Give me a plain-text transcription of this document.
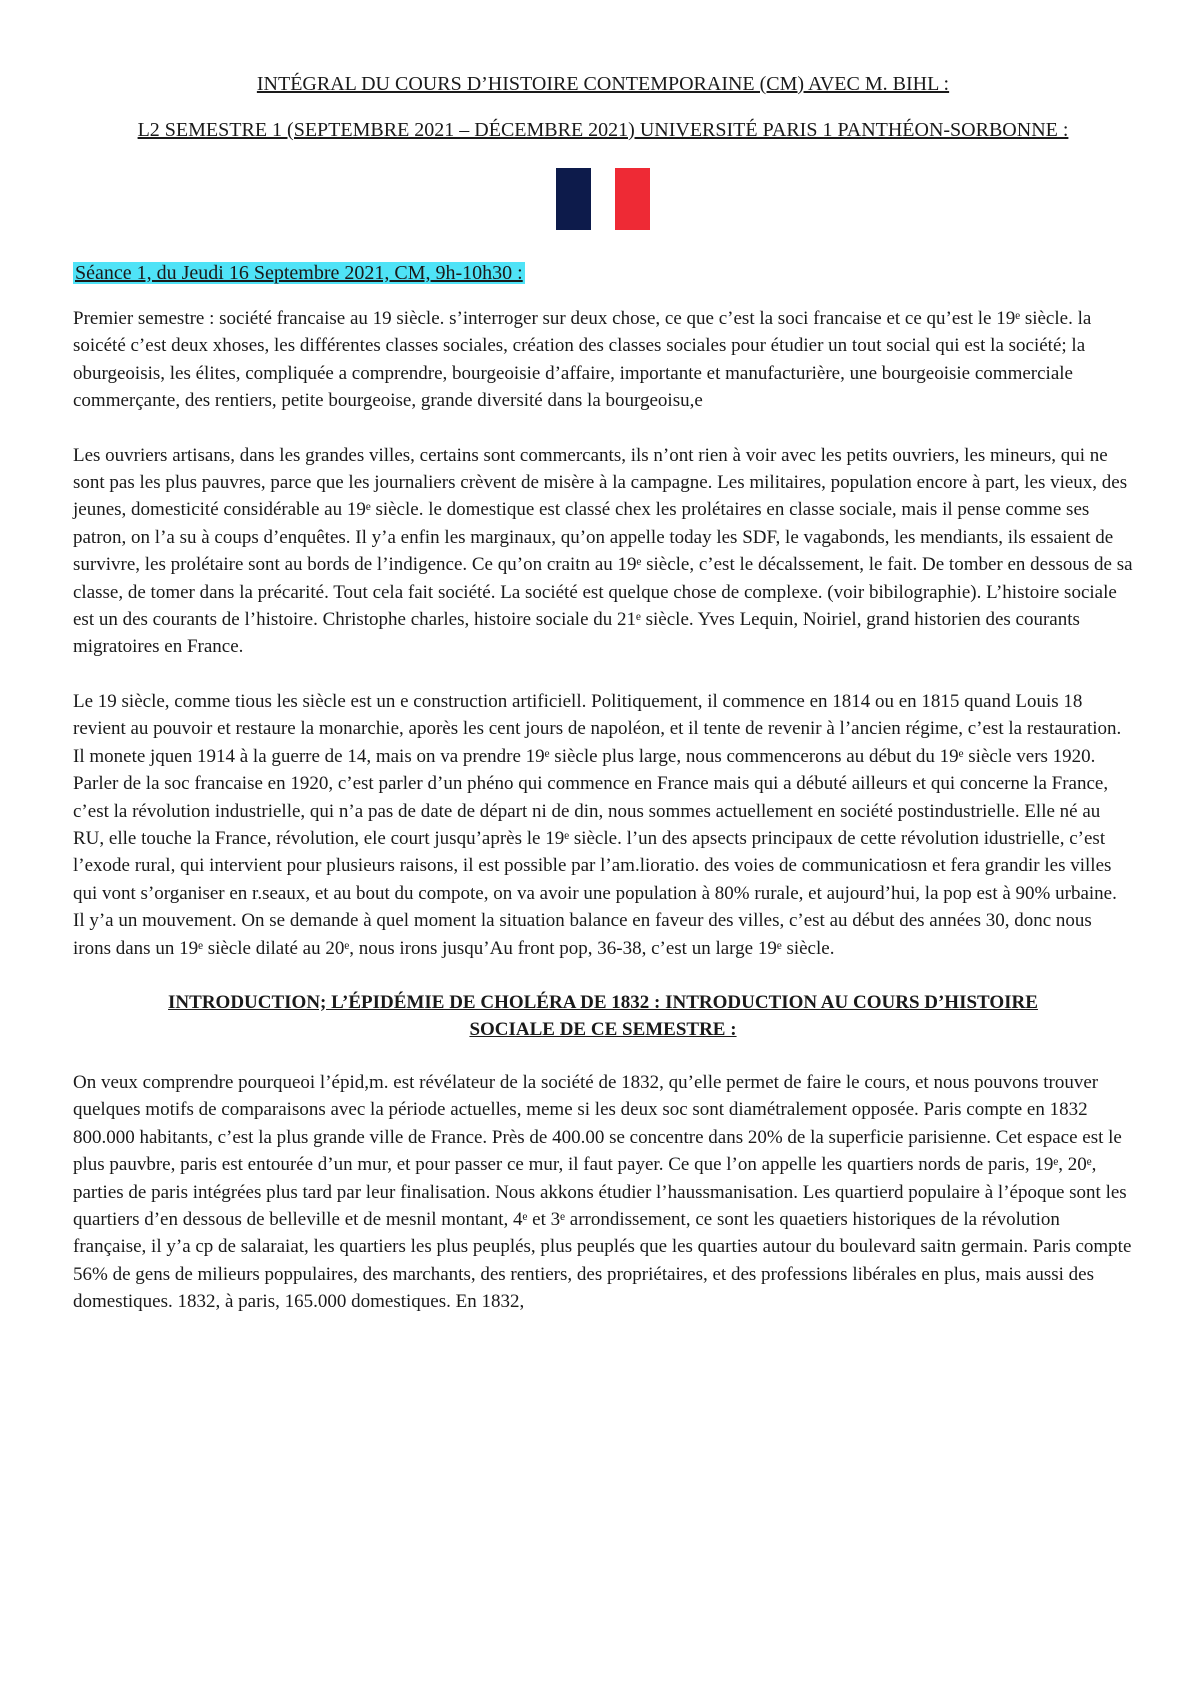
INTÉGRAL DU COURS D’HISTOIRE CONTEMPORAINE (CM) AVEC M. BIHL :

L2 SEMESTRE 1 (SEPTEMBRE 2021 – DÉCEMBRE 2021) UNIVERSITÉ PARIS 1 PANTHÉON-SORBONNE :

Séance 1, du Jeudi 16 Septembre 2021, CM, 9h-10h30 :

Premier semestre : société francaise au 19 siècle. s’interroger sur deux chose, ce que c’est la soci francaise et ce qu’est le 19ᵉ siècle. la soicété c’est deux xhoses, les différentes classes sociales, création des classes sociales pour étudier un tout social qui est la société; la oburgeoisis, les élites, compliquée a comprendre, bourgeoisie d’affaire, importante et manufacturière, une bourgeoisie commerciale commerçante, des rentiers, petite bourgeoise, grande diversité dans la bourgeoisu,e

Les ouvriers artisans, dans les grandes villes, certains sont commercants, ils n’ont rien à voir avec les petits ouvriers, les mineurs, qui ne sont pas les plus pauvres, parce que les journaliers crèvent de misère à la campagne. Les militaires, population encore à part, les vieux, des jeunes, domesticité considérable au 19ᵉ siècle. le domestique est classé chex les prolétaires en classe sociale, mais il pense comme ses patron, on l’a su à coups d’enquêtes. Il y’a enfin les marginaux, qu’on appelle today les SDF, le vagabonds, les mendiants, ils essaient de survivre, les prolétaire sont au bords de l’indigence. Ce qu’on craitn au 19ᵉ siècle, c’est le décalssement, le fait. De tomber en dessous de sa classe, de tomer dans la précarité. Tout cela fait société. La société est quelque chose de complexe. (voir bibilographie). L’histoire sociale est un des courants de l’histoire. Christophe charles, histoire sociale du 21ᵉ siècle. Yves Lequin, Noiriel, grand historien des courants migratoires en France.

Le 19 siècle, comme tious les siècle est un e construction artificiell. Politiquement, il commence en 1814 ou en 1815 quand Louis 18 revient au pouvoir et restaure la monarchie, aporès les cent jours de napoléon, et il tente de revenir à l’ancien régime, c’est la restauration. Il monete jquen 1914 à la guerre de 14, mais on va prendre 19ᵉ siècle plus large, nous commencerons au début du 19ᵉ siècle vers 1920. Parler de la soc francaise en 1920, c’est parler d’un phéno qui commence en France mais qui a débuté ailleurs et qui concerne la France, c’est la révolution industrielle, qui n’a pas de date de départ ni de din, nous sommes actuellement en société postindustrielle. Elle né au RU, elle touche la France, révolution, ele court jusqu’après le 19ᵉ siècle. l’un des apsects principaux de cette révolution idustrielle, c’est l’exode rural, qui intervient pour plusieurs raisons, il est possible par l’am.lioratio. des voies de communicatiosn et fera grandir les villes qui vont s’organiser en r.seaux, et au bout du compote, on va avoir une population à 80% rurale, et aujourd’hui, la pop est à 90% urbaine. Il y’a un mouvement. On se demande à quel moment la situation balance en faveur des villes, c’est au début des années 30, donc nous irons dans un 19ᵉ siècle dilaté au 20ᵉ, nous irons jusqu’Au front pop, 36-38, c’est un large 19ᵉ siècle.

INTRODUCTION; L’ÉPIDÉMIE DE CHOLÉRA DE 1832 : INTRODUCTION AU COURS D’HISTOIRE SOCIALE DE CE SEMESTRE :

On veux comprendre pourqueoi l’épid,m. est révélateur de la société de 1832, qu’elle permet de faire le cours, et nous pouvons trouver quelques motifs de comparaisons avec la période actuelles, meme si les deux soc sont diamétralement opposée. Paris compte en 1832 800.000 habitants, c’est la plus grande ville de France. Près de 400.00 se concentre dans 20% de la superficie parisienne. Cet espace est le plus pauvbre, paris est entourée d’un mur, et pour passer ce mur, il faut payer. Ce que l’on appelle les quartiers nords de paris, 19ᵉ, 20ᵉ, parties de paris intégrées plus tard par leur finalisation. Nous akkons étudier l’haussmanisation. Les quartierd populaire à l’époque sont les quartiers d’en dessous de belleville et de mesnil montant, 4ᵉ et 3ᵉ arrondissement, ce sont les quaetiers historiques de la révolution française, il y’a cp de salaraiat, les quartiers les plus peuplés, plus peuplés que les quarties autour du boulevard saitn germain. Paris compte 56% de gens de milieurs poppulaires, des marchants, des rentiers, des propriétaires, et des professions libérales en plus, mais aussi des domestiques. 1832, à paris, 165.000 domestiques. En 1832,
